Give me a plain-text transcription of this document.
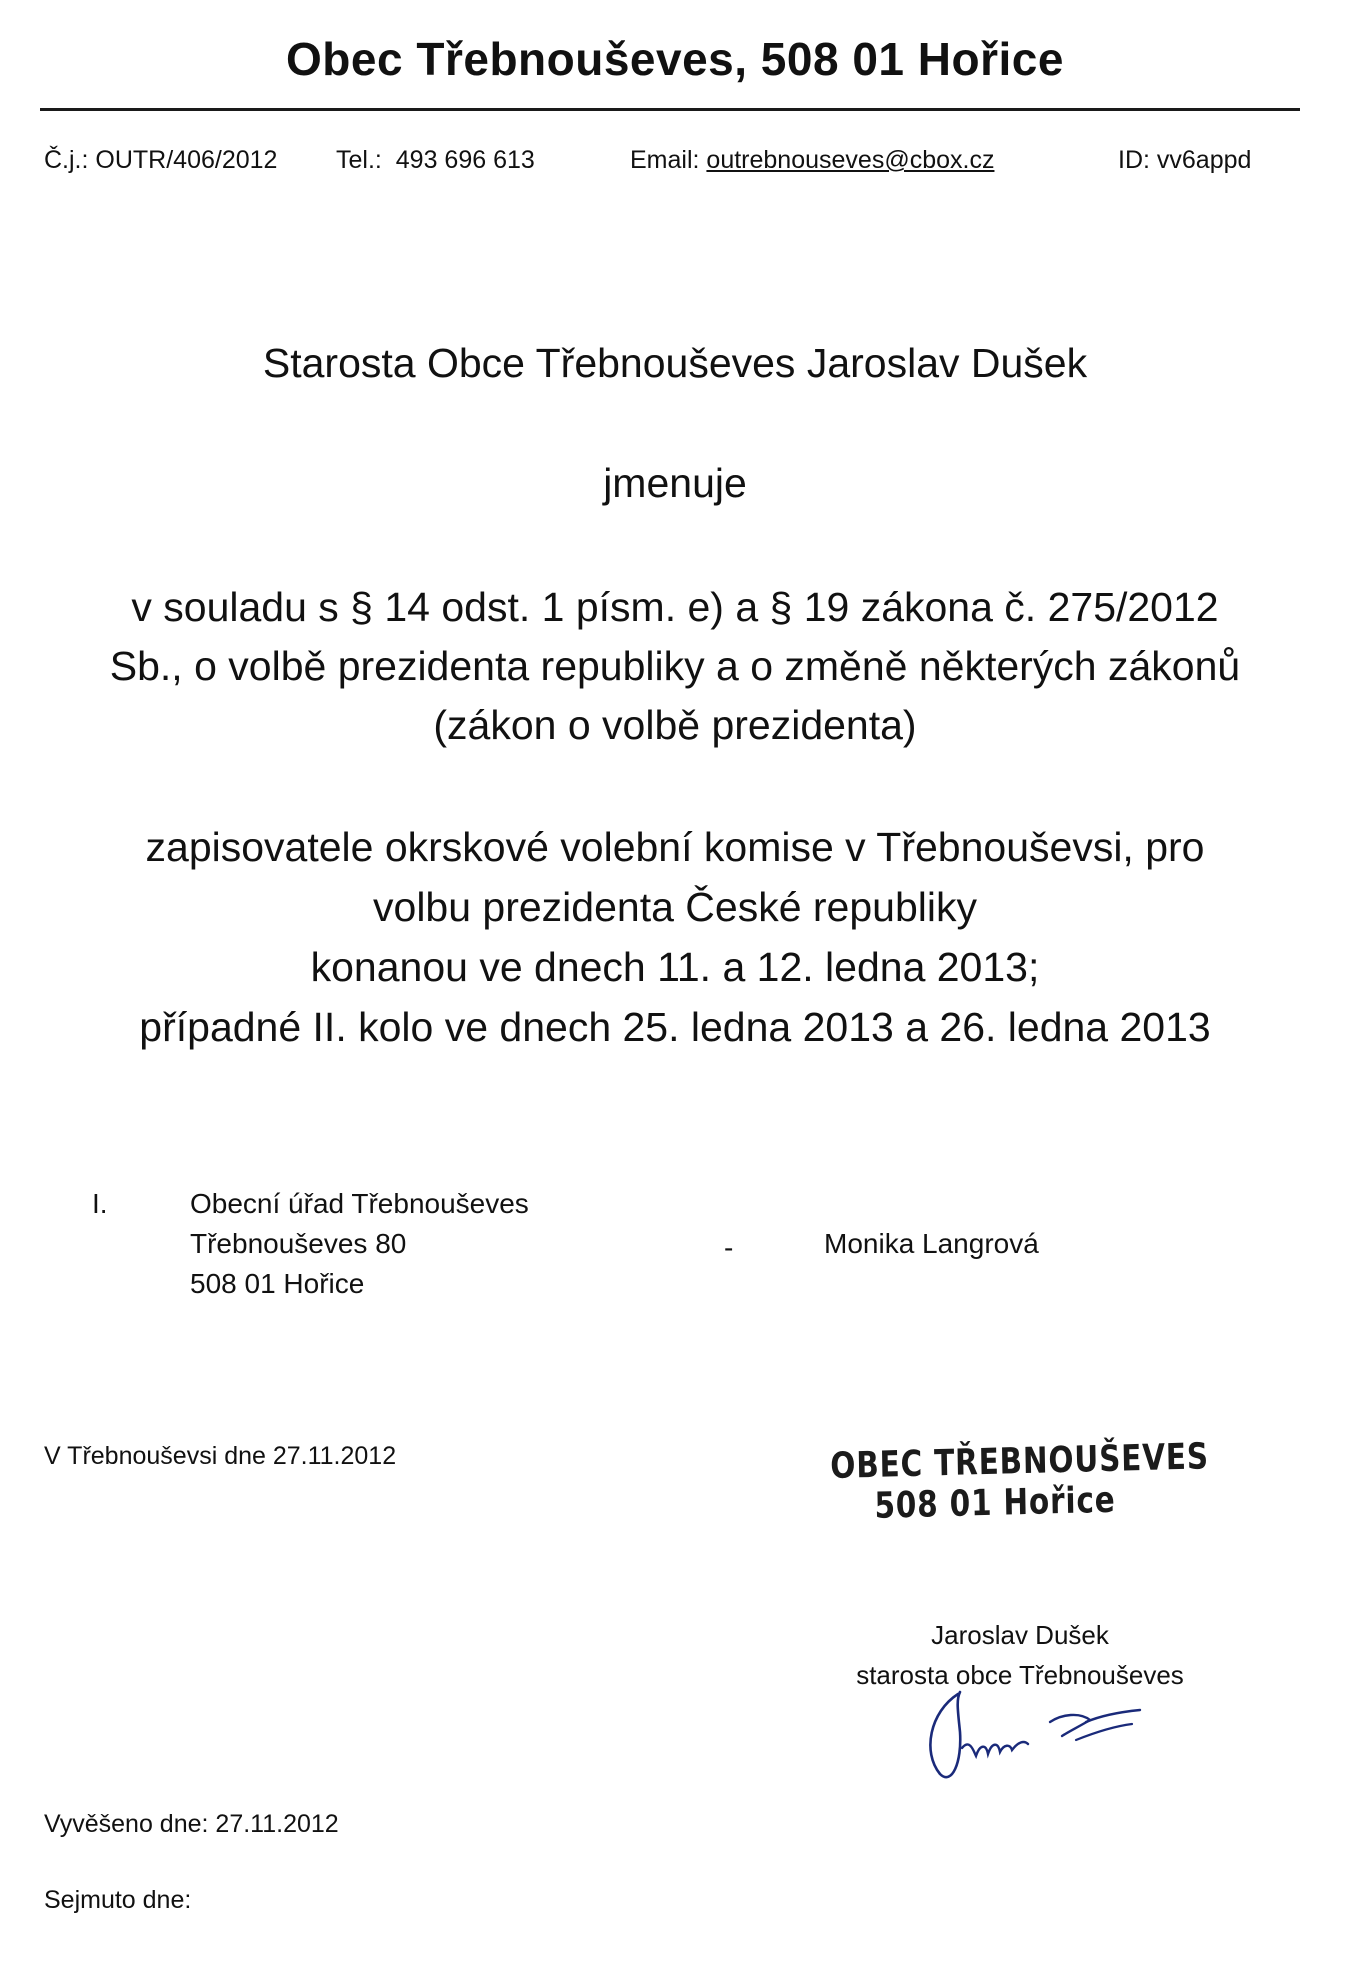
Obec Třebnouševes, 508 01 Hořice
Č.j.: OUTR/406/2012 Tel.: 493 696 613	Email: outrebnouseves@cbox.cz	ID: vv6appd
Starosta Obce Třebnouševes Jaroslav Dušek
jmenuje
v souladu s § 14 odst. 1 písm. e) a § 19 zákona č. 275/2012
Sb., o volbě prezidenta republiky a o změně některých zákonů
(zákon o volbě prezidenta)
zapisovatele okrskové volební komise v Třebnouševsi, pro
volbu prezidenta České republiky
konanou ve dnech 11. a 12. ledna 2013;
případné II. kolo ve dnech 25. ledna 2013 a 26. ledna 2013
I.	Obecní úřad Třebnouševes
Třebnouševes 80
508 01 Hořice
-	Monika Langrová
V Třebnouševsi dne 27.11.2012	OBEC TŘEBNOUŠEVES
508 01 Hořice
Jaroslav Dušek
starosta obce Třebnouševes
Vyvěšeno dne: 27.11.2012
Sejmuto dne:
